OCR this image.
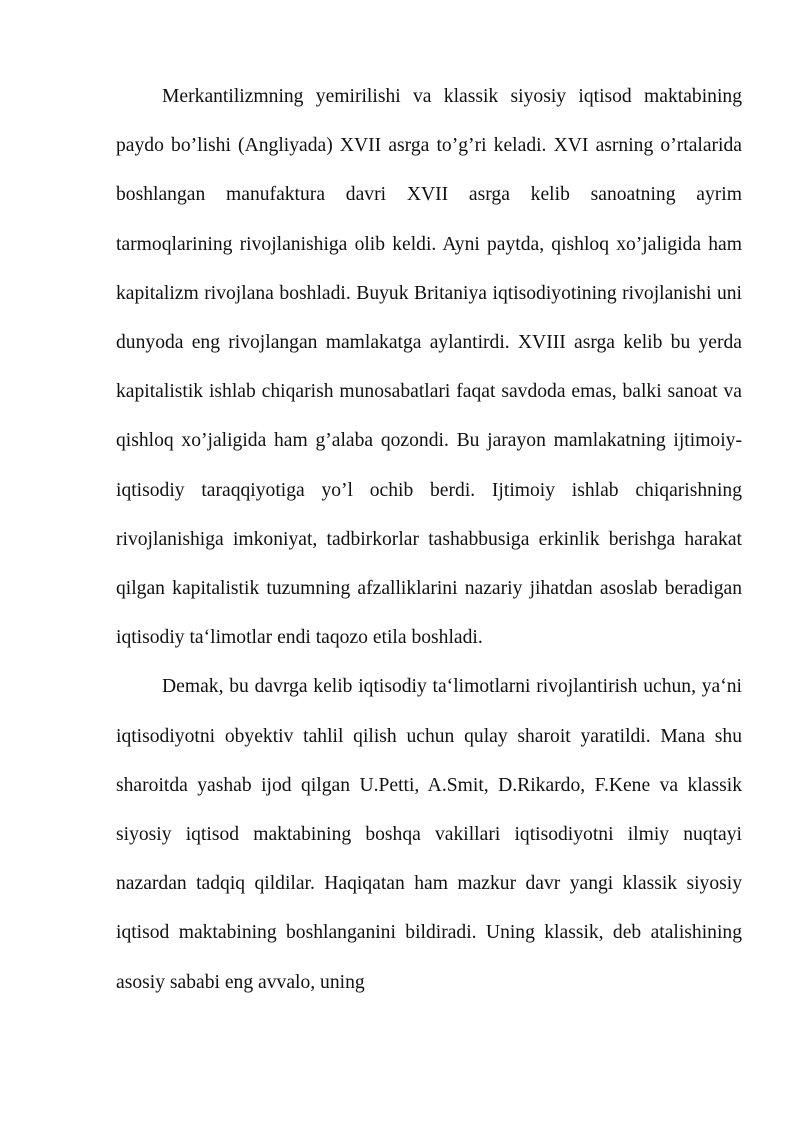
Merkantilizmning yemirilishi va klassik siyosiy iqtisod maktabining paydo bo’lishi (Angliyada) XVII asrga to’g’ri keladi. XVI asrning o’rtalarida boshlangan manufaktura davri XVII asrga kelib sanoatning ayrim tarmoqlarining rivojlanishiga olib keldi. Ayni paytda, qishloq xo’jaligida ham kapitalizm rivojlana boshladi. Buyuk Britaniya iqtisodiyotining rivojlanishi uni dunyoda eng rivojlangan mamlakatga aylantirdi. XVIII asrga kelib bu yerda kapitalistik ishlab chiqarish munosabatlari faqat savdoda emas, balki sanoat va qishloq xo’jaligida ham g’alaba qozondi. Bu jarayon mamlakatning ijtimoiy-iqtisodiy taraqqiyotiga yo’l ochib berdi. Ijtimoiy ishlab chiqarishning rivojlanishiga imkoniyat, tadbirkorlar tashabbusiga erkinlik berishga harakat qilgan kapitalistik tuzumning afzalliklarini nazariy jihatdan asoslab beradigan iqtisodiy ta‘limotlar endi taqozo etila boshladi.

Demak, bu davrga kelib iqtisodiy ta‘limotlarni rivojlantirish uchun, ya‘ni iqtisodiyotni obyektiv tahlil qilish uchun qulay sharoit yaratildi. Mana shu sharoitda yashab ijod qilgan U.Petti, A.Smit, D.Rikardo, F.Kene va klassik siyosiy iqtisod maktabining boshqa vakillari iqtisodiyotni ilmiy nuqtayi nazardan tadqiq qildilar. Haqiqatan ham mazkur davr yangi klassik siyosiy iqtisod maktabining boshlanganini bildiradi. Uning klassik, deb atalishining asosiy sababi eng avvalo, uning
